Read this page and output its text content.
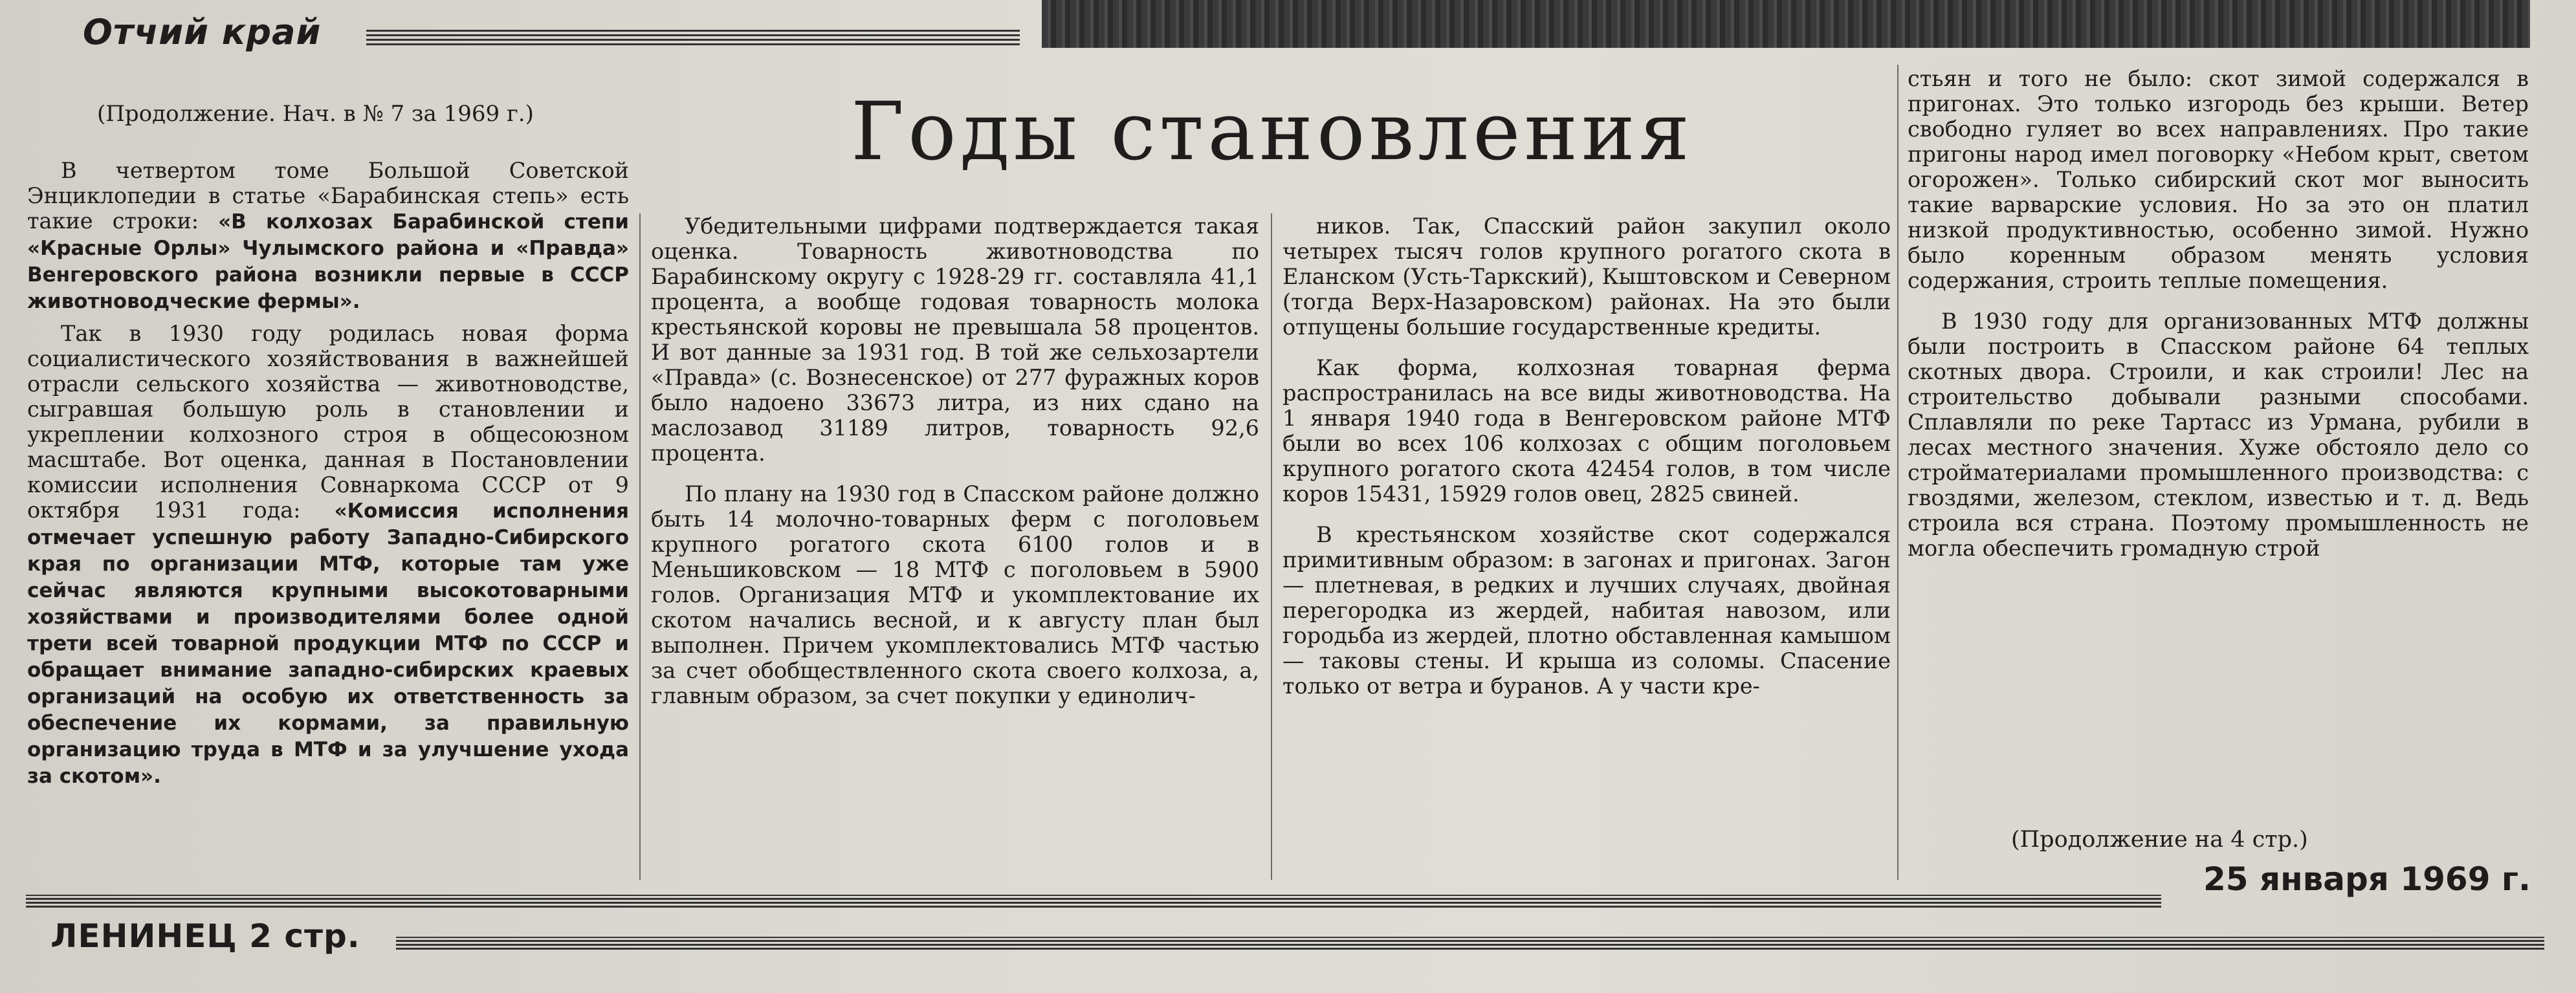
Отчий край
(Продолжение. Нач. в № 7 за 1969 г.)	Годы становления

В четвертом томе Большой Советской Энциклопедии в статье «Барабинская степь» есть такие строки: «В колхозах Барабинской степи «Красные Орлы» Чулымского района и «Правда» Венгеровского района возникли первые в СССР животноводческие фермы».

Так в 1930 году родилась новая форма социалистического хозяйствования в важнейшей отрасли сельского хозяйства — животноводстве, сыгравшая большую роль в становлении и укреплении колхозного строя в общесоюзном масштабе. Вот оценка, данная в Постановлении комиссии исполнения Совнаркома СССР от 9 октября 1931 года: «Комиссия исполнения отмечает успешную работу Западно-Сибирского края по организации МТФ, которые там уже сейчас являются крупными высокотоварными хозяйствами и производителями более одной трети всей товарной продукции МТФ по СССР и обращает внимание западно-сибирских краевых организаций на особую их ответственность за обеспечение их кормами, за правильную организацию труда в МТФ и за улучшение ухода за скотом».

Убедительными цифрами подтверждается такая оценка. Товарность животноводства по Барабинскому округу с 1928-29 гг. составляла 41,1 процента, а вообще годовая товарность молока крестьянской коровы не превышала 58 процентов. И вот данные за 1931 год. В той же сельхозартели «Правда» (с. Вознесенское) от 277 фуражных коров было надоено 33673 литра, из них сдано на маслозавод 31189 литров, товарность 92,6 процента.

По плану на 1930 год в Спасском районе должно быть 14 молочно-товарных ферм с поголовьем крупного рогатого скота 6100 голов и в Меньшиковском — 18 МТФ с поголовьем в 5900 голов. Организация МТФ и укомплектование их скотом начались весной, и к августу план был выполнен. Причем укомплектовались МТФ частью за счет обобществленного скота своего колхоза, а, главным образом, за счет покупки у единолич-

ников. Так, Спасский район закупил около четырех тысяч голов крупного рогатого скота в Еланском (Усть-Таркский), Кыштовском и Северном (тогда Верх-Назаровском) районах. На это были отпущены большие государственные кредиты.

Как форма, колхозная товарная ферма распространилась на все виды животноводства. На 1 января 1940 года в Венгеровском районе МТФ были во всех 106 колхозах с общим поголовьем крупного рогатого скота 42454 голов, в том числе коров 15431, 15929 голов овец, 2825 свиней.

В крестьянском хозяйстве скот содержался примитивным образом: в загонах и пригонах. Загон — плетневая, в редких и лучших случаях, двойная перегородка из жердей, набитая навозом, или городьба из жердей, плотно обставленная камышом — таковы стены. И крыша из соломы. Спасение только от ветра и буранов. А у части кре-

стьян и того не было: скот зимой содержался в пригонах. Это только изгородь без крыши. Ветер свободно гуляет во всех направлениях. Про такие пригоны народ имел поговорку «Небом крыт, светом огорожен». Только сибирский скот мог выносить такие варварские условия. Но за это он платил низкой продуктивностью, особенно зимой. Нужно было коренным образом менять условия содержания, строить теплые помещения.

В 1930 году для организованных МТФ должны были построить в Спасском районе 64 теплых скотных двора. Строили, и как строили! Лес на строительство добывали разными способами. Сплавляли по реке Тартасс из Урмана, рубили в лесах местного значения. Хуже обстояло дело со стройматериалами промышленного производства: с гвоздями, железом, стеклом, известью и т. д. Ведь строила вся страна. Поэтому промышленность не могла обеспечить громадную строй

(Продолжение на 4 стр.)
ЛЕНИНЕЦ 2 стр.
25 января 1969 г.
